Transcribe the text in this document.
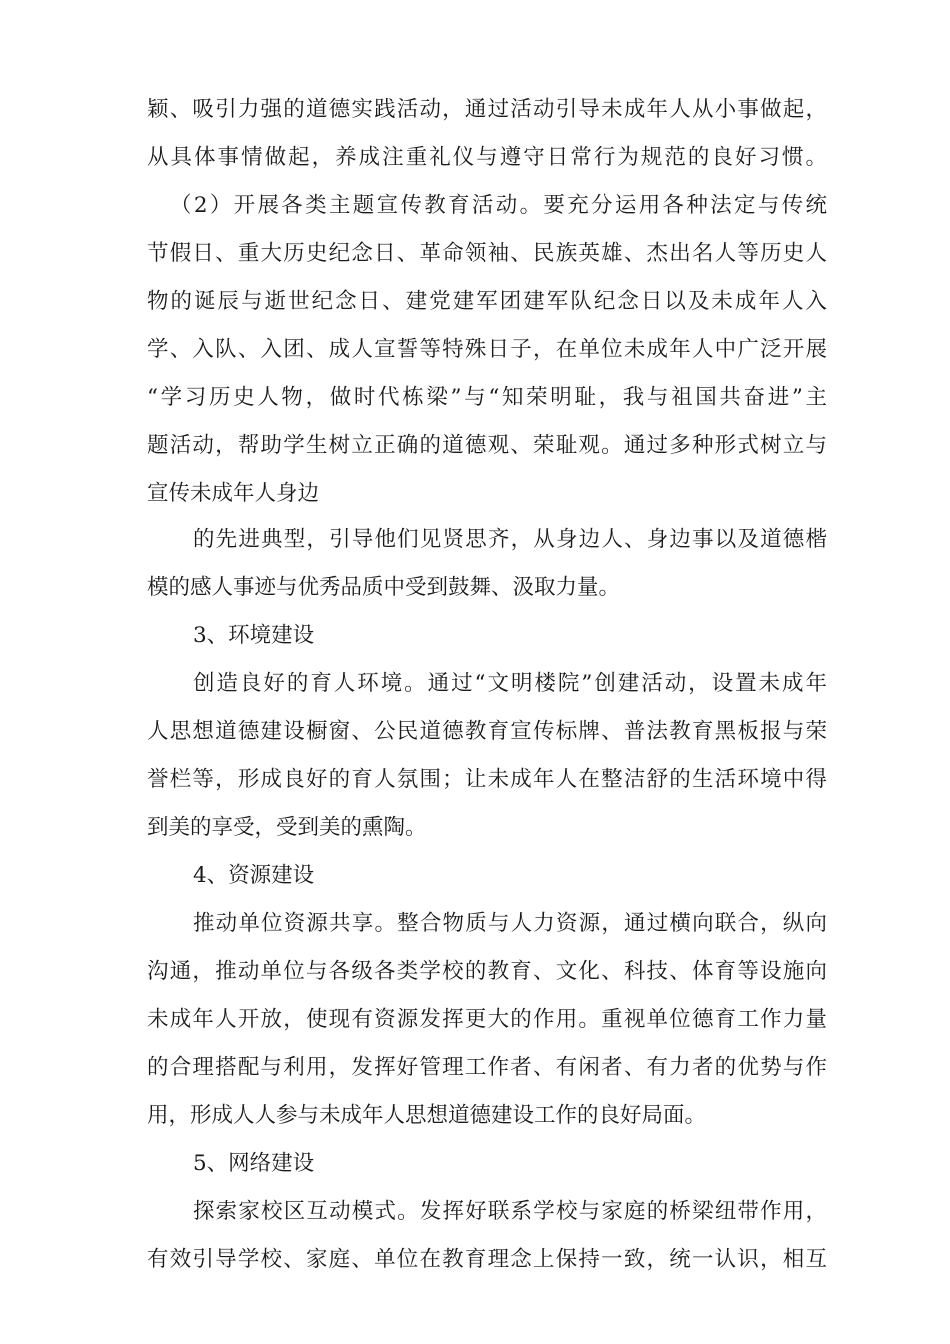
颖、吸引力强的道德实践活动，通过活动引导未成年人从小事做起，
从具体事情做起，养成注重礼仪与遵守日常行为规范的良好习惯。
（2）开展各类主题宣传教育活动。要充分运用各种法定与传统
节假日、重大历史纪念日、革命领袖、民族英雄、杰出名人等历史人
物的诞辰与逝世纪念日、建党建军团建军队纪念日以及未成年人入
学、入队、入团、成人宣誓等特殊日子，在单位未成年人中广泛开展
“学习历史人物，做时代栋梁”与“知荣明耻，我与祖国共奋进”主
题活动，帮助学生树立正确的道德观、荣耻观。通过多种形式树立与
宣传未成年人身边
的先进典型，引导他们见贤思齐，从身边人、身边事以及道德楷
模的感人事迹与优秀品质中受到鼓舞、汲取力量。
3、环境建设
创造良好的育人环境。通过“文明楼院”创建活动，设置未成年
人思想道德建设橱窗、公民道德教育宣传标牌、普法教育黑板报与荣
誉栏等，形成良好的育人氛围；让未成年人在整洁舒的生活环境中得
到美的享受，受到美的熏陶。
4、资源建设
推动单位资源共享。整合物质与人力资源，通过横向联合，纵向
沟通，推动单位与各级各类学校的教育、文化、科技、体育等设施向
未成年人开放，使现有资源发挥更大的作用。重视单位德育工作力量
的合理搭配与利用，发挥好管理工作者、有闲者、有力者的优势与作
用，形成人人参与未成年人思想道德建设工作的良好局面。
5、网络建设
探索家校区互动模式。发挥好联系学校与家庭的桥梁纽带作用，
有效引导学校、家庭、单位在教育理念上保持一致，统一认识，相互
